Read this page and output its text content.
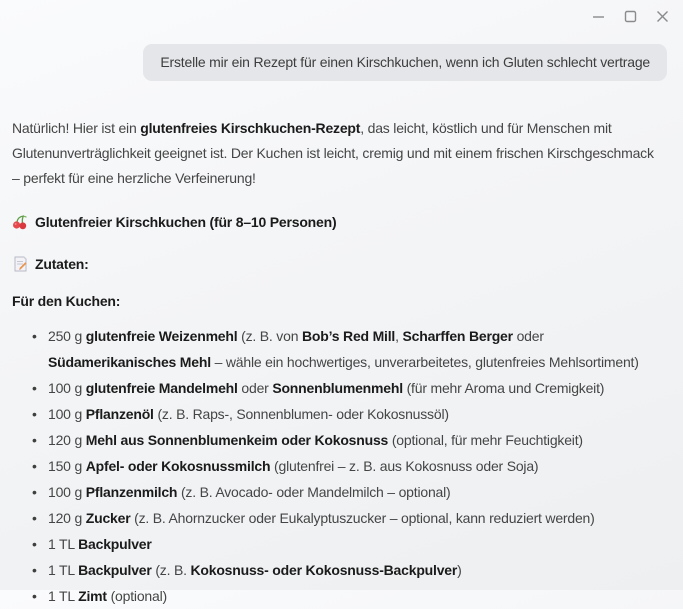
Erstelle mir ein Rezept für einen Kirschkuchen, wenn ich Gluten schlecht vertrage

Natürlich! Hier ist ein glutenfreies Kirschkuchen-Rezept, das leicht, köstlich und für Menschen mit Glutenunverträglichkeit geeignet ist. Der Kuchen ist leicht, cremig und mit einem frischen Kirschgeschmack – perfekt für eine herzliche Verfeinerung!

Glutenfreier Kirschkuchen (für 8–10 Personen)
Zutaten:
Für den Kuchen:
• 250 g glutenfreie Weizenmehl (z. B. von Bob’s Red Mill, Scharffen Berger oder Südamerikanisches Mehl – wähle ein hochwertiges, unverarbeitetes, glutenfreies Mehlsortiment)
• 100 g glutenfreie Mandelmehl oder Sonnenblumenmehl (für mehr Aroma und Cremigkeit)
• 100 g Pflanzenöl (z. B. Raps-, Sonnenblumen- oder Kokosnussöl)
• 120 g Mehl aus Sonnenblumenkeim oder Kokosnuss (optional, für mehr Feuchtigkeit)
• 150 g Apfel- oder Kokosnussmilch (glutenfrei – z. B. aus Kokosnuss oder Soja)
• 100 g Pflanzenmilch (z. B. Avocado- oder Mandelmilch – optional)
• 120 g Zucker (z. B. Ahornzucker oder Eukalyptuszucker – optional, kann reduziert werden)
• 1 TL Backpulver
• 1 TL Backpulver (z. B. Kokosnuss- oder Kokosnuss-Backpulver)
• 1 TL Zimt (optional)
